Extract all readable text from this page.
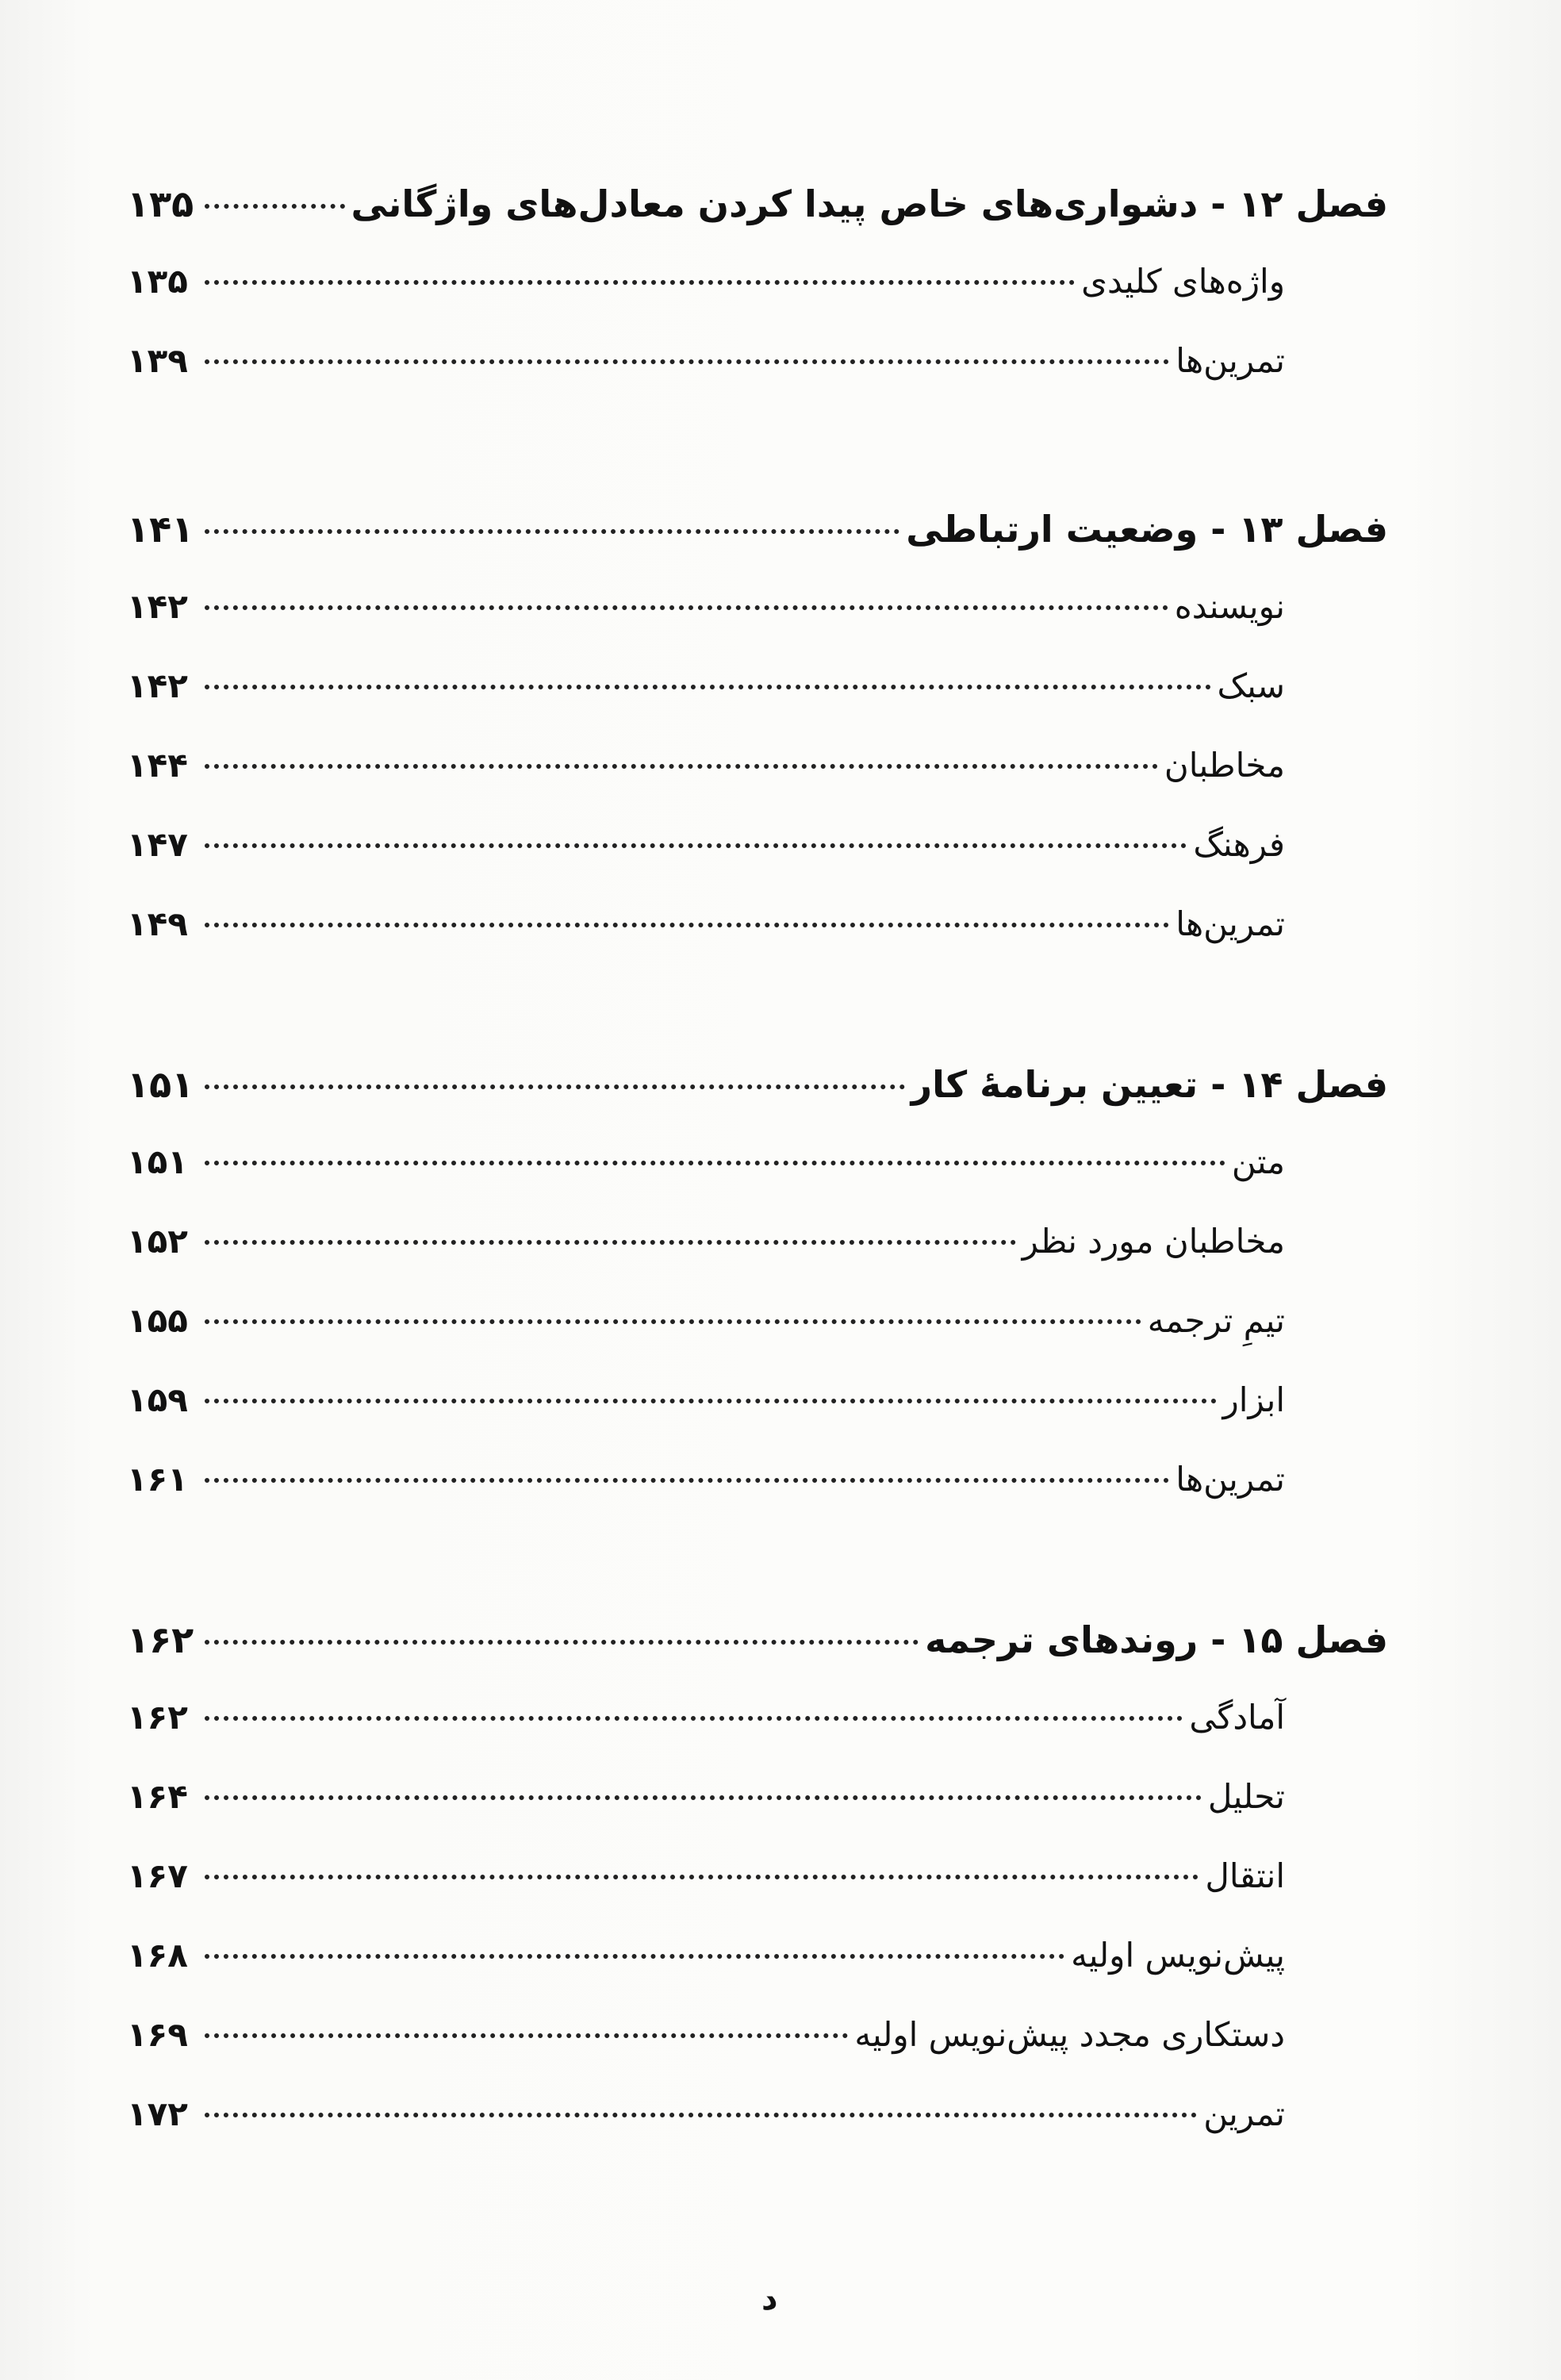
فصل ۱۲ - دشواری‌های خاص پیدا کردن معادل‌های واژگانی
۱۳۵
واژه‌های کلیدی
۱۳۵
تمرین‌ها
۱۳۹
فصل ۱۳ - وضعیت ارتباطی
۱۴۱
نویسنده
۱۴۲
سبک
۱۴۲
مخاطبان
۱۴۴
فرهنگ
۱۴۷
تمرین‌ها
۱۴۹
فصل ۱۴ - تعیین برنامهٔ کار
۱۵۱
متن
۱۵۱
مخاطبان مورد نظر
۱۵۲
تیمِ ترجمه
۱۵۵
ابزار
۱۵۹
تمرین‌ها
۱۶۱
فصل ۱۵ - روندهای ترجمه
۱۶۲
آمادگی
۱۶۲
تحلیل
۱۶۴
انتقال
۱۶۷
پیش‌نویس اولیه
۱۶۸
دستکاری مجدد پیش‌نویس اولیه
۱۶۹
تمرین
۱۷۲
د
